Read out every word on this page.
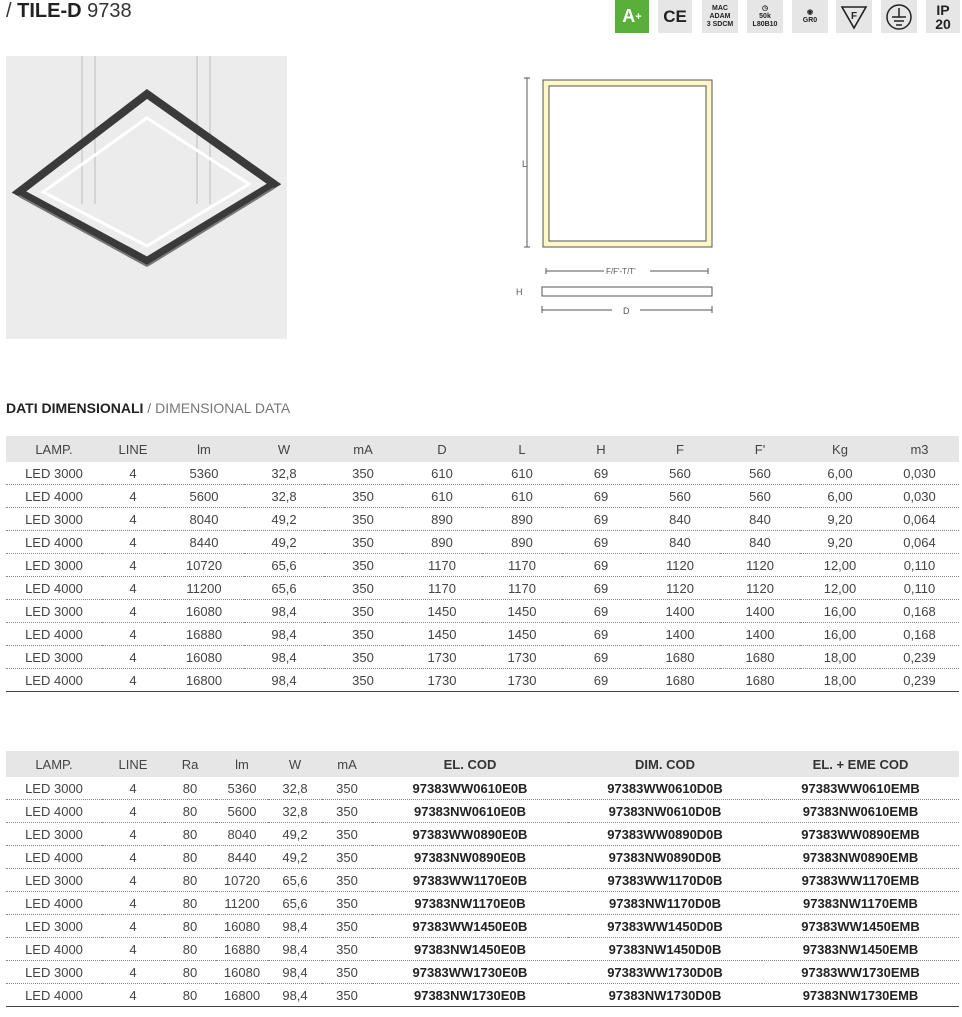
/ TILE-D 9738	A +	CE	MAC
ADAM
3 SDCM
◷
50k
L80B10
◉
GR0	F	IP
20
L
F/F'-T/T'
H
D
DATI DIMENSIONALI / DIMENSIONAL DATA
LAMP.	LINE	lm	W	mA	D	L	H	F	F'	Kg	m3
LED 3000	4	5360	32,8	350	610	610	69	560	560	6,00	0,030
LED 4000	4	5600	32,8	350	610	610	69	560	560	6,00	0,030
LED 3000	4	8040	49,2	350	890	890	69	840	840	9,20	0,064
LED 4000	4	8440	49,2	350	890	890	69	840	840	9,20	0,064
LED 3000	4	10720	65,6	350	1170	1170	69	1120	1120	12,00	0,110
LED 4000	4	11200	65,6	350	1170	1170	69	1120	1120	12,00	0,110
LED 3000	4	16080	98,4	350	1450	1450	69	1400	1400	16,00	0,168
LED 4000	4	16880	98,4	350	1450	1450	69	1400	1400	16,00	0,168
LED 3000	4	16080	98,4	350	1730	1730	69	1680	1680	18,00	0,239
LED 4000	4	16800	98,4	350	1730	1730	69	1680	1680	18,00	0,239
LAMP.	LINE	Ra	lm	W	mA	EL. COD	DIM. COD	EL. + EME COD
LED 3000	4	80	5360	32,8	350	97383WW0610E0B	97383WW0610D0B	97383WW0610EMB
LED 4000	4	80	5600	32,8	350	97383NW0610E0B	97383NW0610D0B	97383NW0610EMB
LED 3000	4	80	8040	49,2	350	97383WW0890E0B	97383WW0890D0B	97383WW0890EMB
LED 4000	4	80	8440	49,2	350	97383NW0890E0B	97383NW0890D0B	97383NW0890EMB
LED 3000	4	80	10720	65,6	350	97383WW1170E0B	97383WW1170D0B	97383WW1170EMB
LED 4000	4	80	11200	65,6	350	97383NW1170E0B	97383NW1170D0B	97383NW1170EMB
LED 3000	4	80	16080	98,4	350	97383WW1450E0B	97383WW1450D0B	97383WW1450EMB
LED 4000	4	80	16880	98,4	350	97383NW1450E0B	97383NW1450D0B	97383NW1450EMB
LED 3000	4	80	16080	98,4	350	97383WW1730E0B	97383WW1730D0B	97383WW1730EMB
LED 4000	4	80	16800	98,4	350	97383NW1730E0B	97383NW1730D0B	97383NW1730EMB
